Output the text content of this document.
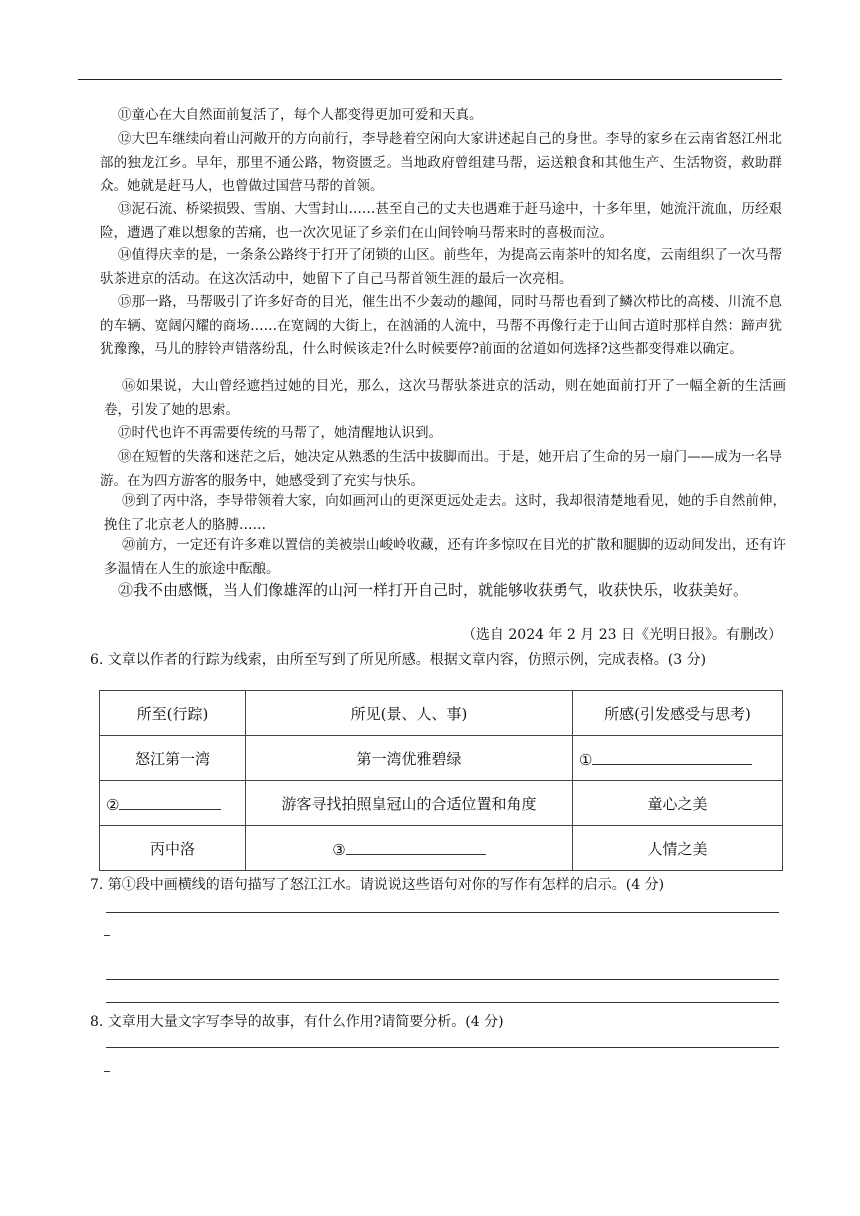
⑪童心在大自然面前复活了，每个人都变得更加可爱和天真。

⑫大巴车继续向着山河敞开的方向前行，李导趁着空闲向大家讲述起自己的身世。李导的家乡在云南省怒江州北部的独龙江乡。早年，那里不通公路，物资匮乏。当地政府曾组建马帮，运送粮食和其他生产、生活物资，救助群众。她就是赶马人，也曾做过国营马帮的首领。

⑬泥石流、桥梁损毁、雪崩、大雪封山……甚至自己的丈夫也遇难于赶马途中，十多年里，她流汗流血，历经艰险，遭遇了难以想象的苦痛，也一次次见证了乡亲们在山间铃响马帮来时的喜极而泣。

⑭值得庆幸的是，一条条公路终于打开了闭锁的山区。前些年，为提高云南茶叶的知名度，云南组织了一次马帮驮茶进京的活动。在这次活动中，她留下了自己马帮首领生涯的最后一次亮相。

⑮那一路，马帮吸引了许多好奇的目光，催生出不少轰动的趣闻，同时马帮也看到了鳞次栉比的高楼、川流不息的车辆、宽阔闪耀的商场……在宽阔的大街上，在汹涌的人流中，马帮不再像行走于山间古道时那样自然：蹄声犹犹豫豫，马儿的脖铃声错落纷乱，什么时候该走?什么时候要停?前面的岔道如何选择?这些都变得难以确定。

⑯如果说，大山曾经遮挡过她的目光，那么，这次马帮驮茶进京的活动，则在她面前打开了一幅全新的生活画卷，引发了她的思索。

⑰时代也许不再需要传统的马帮了，她清醒地认识到。

⑱在短暂的失落和迷茫之后，她决定从熟悉的生活中拔脚而出。于是，她开启了生命的另一扇门——成为一名导游。在为四方游客的服务中，她感受到了充实与快乐。

⑲到了丙中洛，李导带领着大家，向如画河山的更深更远处走去。这时，我却很清楚地看见，她的手自然前伸，挽住了北京老人的胳膊……

⑳前方，一定还有许多难以置信的美被崇山峻岭收藏，还有许多惊叹在目光的扩散和腿脚的迈动间发出，还有许多温情在人生的旅途中酝酿。

㉑我不由感慨，当人们像雄浑的山河一样打开自己时，就能够收获勇气，收获快乐，收获美好。

（选自 2024 年 2 月 23 日《光明日报》。有删改）

6. 文章以作者的行踪为线索，由所至写到了所见所感。根据文章内容，仿照示例，完成表格。(3 分)

所至(行踪)	所见(景、人、事)	所感(引发感受与思考)
怒江第一湾	第一湾优雅碧绿	①
②	游客寻找拍照皇冠山的合适位置和角度	童心之美
丙中洛	③	人情之美

7. 第①段中画横线的语句描写了怒江江水。请说说这些语句对你的写作有怎样的启示。(4 分)

8. 文章用大量文字写李导的故事，有什么作用?请简要分析。(4 分)
